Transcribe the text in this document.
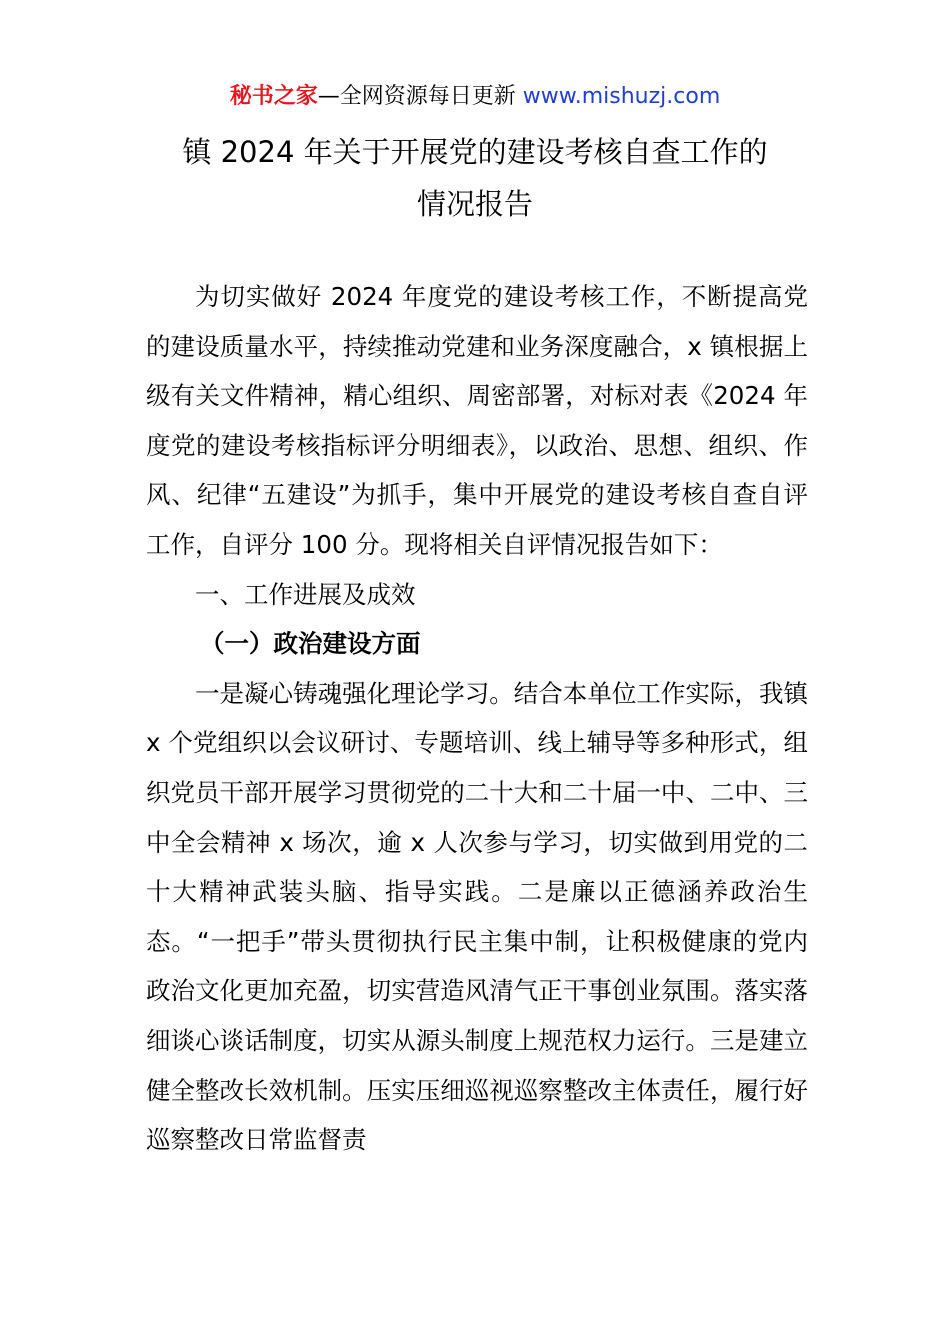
秘书之家—全网资源每日更新 www.mishuzj.com
镇 2024 年关于开展党的建设考核自查工作的
情况报告

为切实做好 2024 年度党的建设考核工作，不断提高党的建设质量水平，持续推动党建和业务深度融合，x 镇根据上级有关文件精神，精心组织、周密部署，对标对表《2024 年度党的建设考核指标评分明细表》，以政治、思想、组织、作风、纪律“五建设”为抓手，集中开展党的建设考核自查自评工作，自评分 100 分。现将相关自评情况报告如下：

一、工作进展及成效

（一）政治建设方面

一是凝心铸魂强化理论学习。结合本单位工作实际，我镇 x 个党组织以会议研讨、专题培训、线上辅导等多种形式，组织党员干部开展学习贯彻党的二十大和二十届一中、二中、三中全会精神 x 场次，逾 x 人次参与学习，切实做到用党的二十大精神武装头脑、指导实践。二是廉以正德涵养政治生态。“一把手”带头贯彻执行民主集中制，让积极健康的党内政治文化更加充盈，切实营造风清气正干事创业氛围。落实落细谈心谈话制度，切实从源头制度上规范权力运行。三是建立健全整改长效机制。压实压细巡视巡察整改主体责任，履行好巡察整改日常监督责
